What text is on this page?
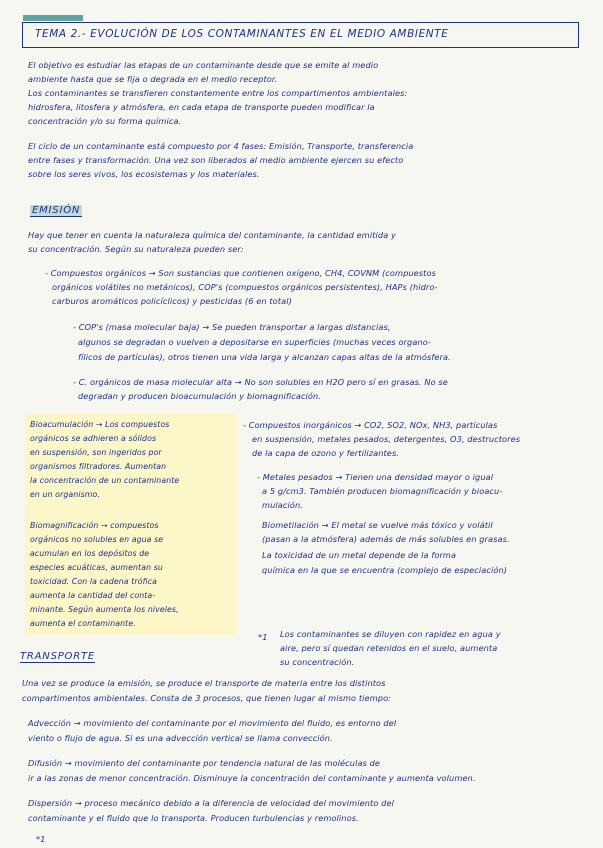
TEMA 2.- EVOLUCIÓN DE LOS CONTAMINANTES EN EL MEDIO AMBIENTE
El objetivo es estudiar las etapas de un contaminante desde que se emite al medio
ambiente hasta que se fija o degrada en el medio receptor.
Los contaminantes se transfieren constantemente entre los compartimentos ambientales:
hidrosfera, litosfera y atmósfera, en cada etapa de transporte pueden modificar la
concentración y/o su forma química.
El ciclo de un contaminante está compuesto por 4 fases: Emisión, Transporte, transferencia
entre fases y transformación. Una vez son liberados al medio ambiente ejercen su efecto
sobre los seres vivos, los ecosistemas y los materiales.
EMISIÓN
Hay que tener en cuenta la naturaleza química del contaminante, la cantidad emitida y
su concentración. Según su naturaleza pueden ser:
- Compuestos orgánicos → Son sustancias que contienen oxígeno, CH4, COVNM (compuestos
orgánicos volátiles no metánicos), COP's (compuestos orgánicos persistentes), HAPs (hidro-
carburos aromáticos policíclicos) y pesticidas (6 en total)
- COP's (masa molecular baja) → Se pueden transportar a largas distancias,
algunos se degradan o vuelven a depositarse en superficies (muchas veces organo-
fílicos de partículas), otros tienen una vida larga y alcanzan capas altas de la atmósfera.
- C. orgánicos de masa molecular alta → No son solubles en H2O pero sí en grasas. No se
degradan y producen bioacumulación y biomagnificación.
Bioacumulación → Los compuestos
orgánicos se adhieren a sólidos
en suspensión, son ingeridos por
organismos filtradores. Aumentan
la concentración de un contaminante
en un organismo.
Biomagnificación → compuestos
orgánicos no solubles en agua se
acumulan en los depósitos de
especies acuáticas, aumentan su
toxicidad. Con la cadena trófica
aumenta la cantidad del conta-
minante. Según aumenta los niveles,
aumenta el contaminante.
- Compuestos inorgánicos → CO2, SO2, NOx, NH3, partículas
en suspensión, metales pesados, detergentes, O3, destructores
de la capa de ozono y fertilizantes.
- Metales pesados → Tienen una densidad mayor o igual
a 5 g/cm3. También producen biomagnificación y bioacu-
mulación.
Biometilación → El metal se vuelve más tóxico y volátil
(pasan a la atmósfera) además de más solubles en grasas.
La toxicidad de un metal depende de la forma
química en la que se encuentra (complejo de especiación)
*1 Los contaminantes se diluyen con rapidez en agua y
aire, pero sí quedan retenidos en el suelo, aumenta
su concentración.
TRANSPORTE
Una vez se produce la emisión, se produce el transporte de materia entre los distintos
compartimentos ambientales. Consta de 3 procesos, que tienen lugar al mismo tiempo:
Advección → movimiento del contaminante por el movimiento del fluido, es entorno del
viento o flujo de agua. Si es una advección vertical se llama convección.
Difusión → movimiento del contaminante por tendencia natural de las moléculas de
ir a las zonas de menor concentración. Disminuye la concentración del contaminante y aumenta volumen.
Dispersión → proceso mecánico debido a la diferencia de velocidad del movimiento del
contaminante y el fluido que lo transporta. Producen turbulencias y remolinos.
*1
